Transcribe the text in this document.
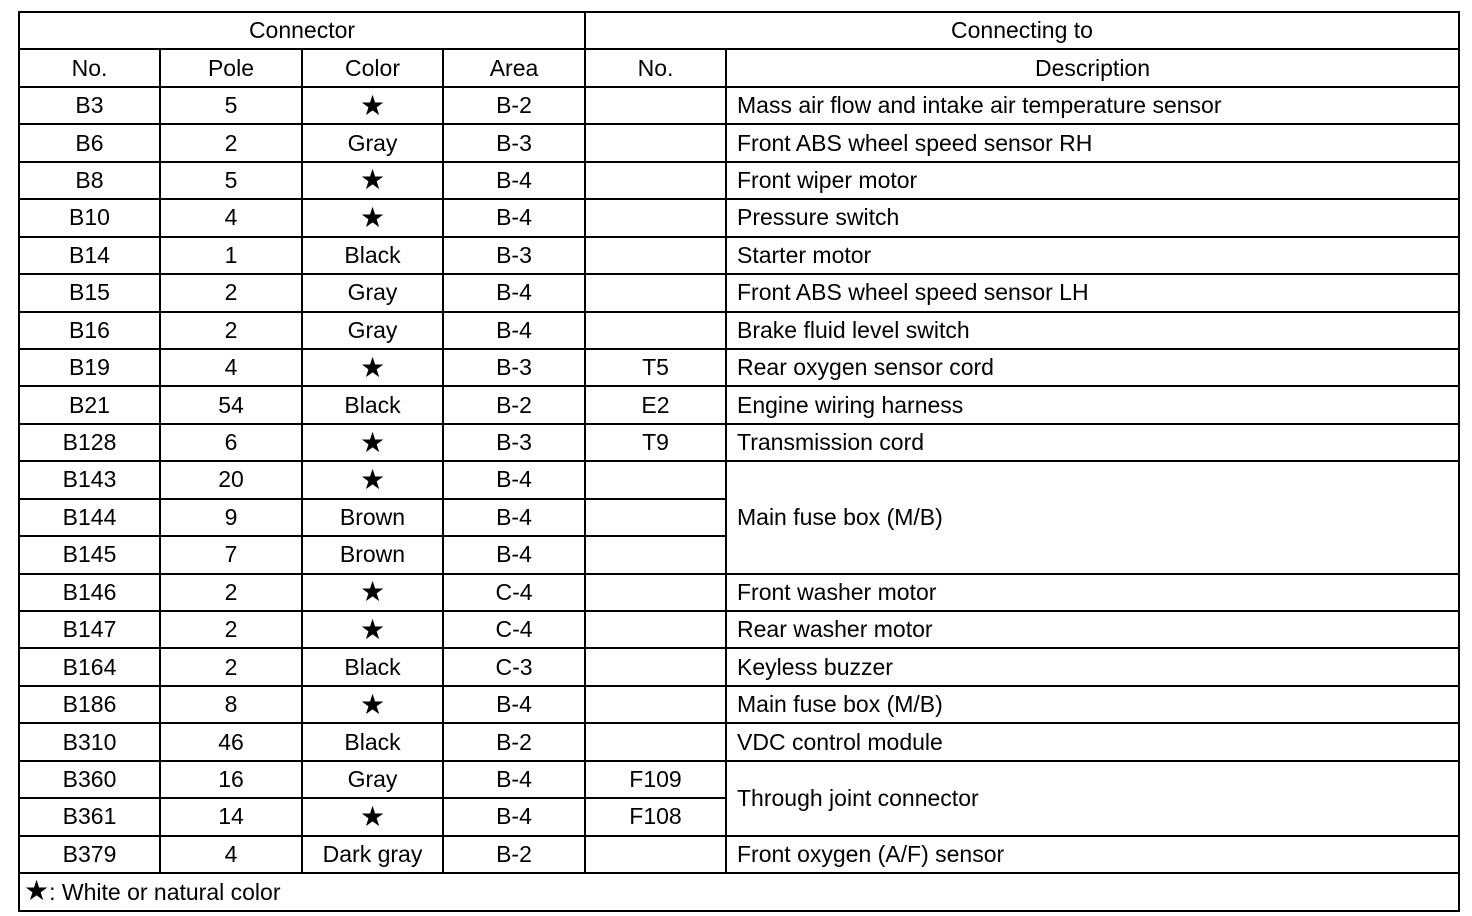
Connector				Connecting to	
No.	Pole	Color	Area	No.	Description
B3	5	★	B-2		Mass air flow and intake air temperature sensor
B6	2	Gray	B-3		Front ABS wheel speed sensor RH
B8	5	★	B-4		Front wiper motor
B10	4	★	B-4		Pressure switch
B14	1	Black	B-3		Starter motor
B15	2	Gray	B-4		Front ABS wheel speed sensor LH
B16	2	Gray	B-4		Brake fluid level switch
B19	4	★	B-3	T5	Rear oxygen sensor cord
B21	54	Black	B-2	E2	Engine wiring harness
B128	6	★	B-3	T9	Transmission cord
B143	20	★	B-4		Main fuse box (M/B)
B144	9	Brown	B-4		
B145	7	Brown	B-4		
B146	2	★	C-4		Front washer motor
B147	2	★	C-4		Rear washer motor
B164	2	Black	C-3		Keyless buzzer
B186	8	★	B-4		Main fuse box (M/B)
B310	46	Black	B-2		VDC control module
B360	16	Gray	B-4	F109	Through joint connector
B361	14	★	B-4	F108	
B379	4	Dark gray	B-2		Front oxygen (A/F) sensor
★: White or natural color					
